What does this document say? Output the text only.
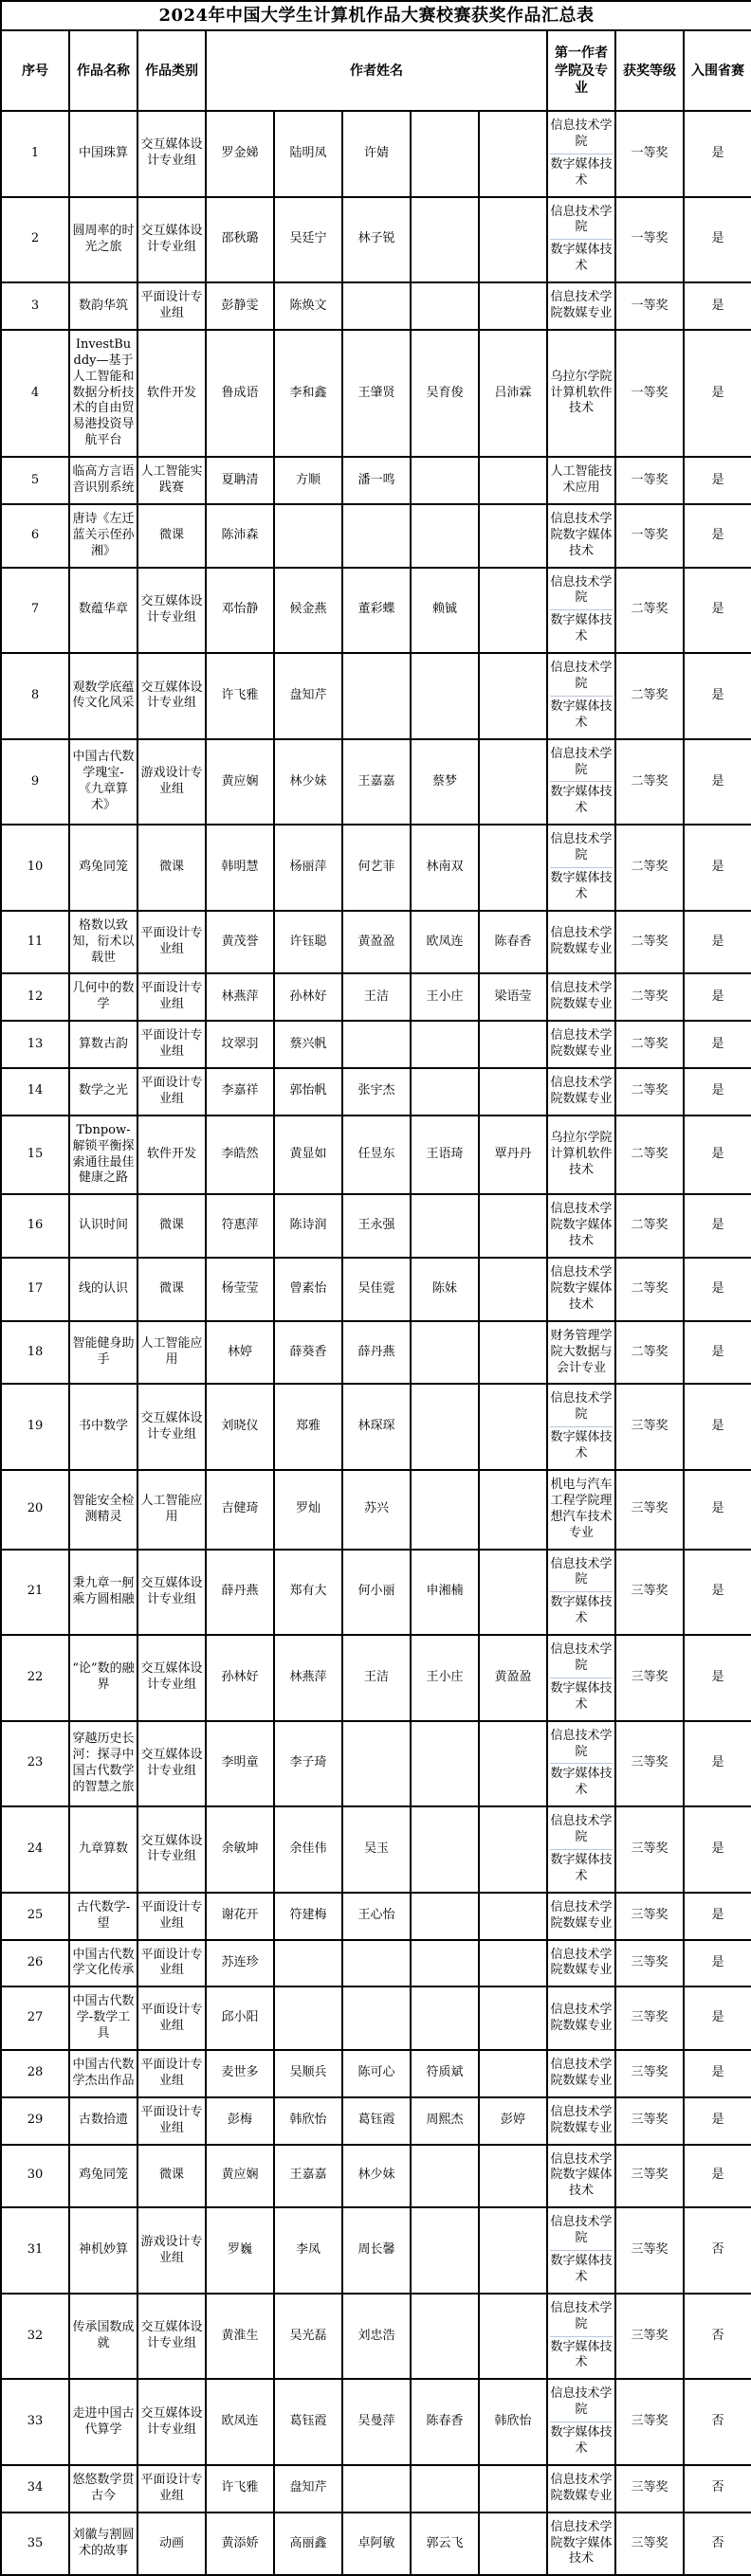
2024年中国大学生计算机作品大赛校赛获奖作品汇总表										
序号	作品名称	作品类别	作者姓名					第一作者学院及专业	获奖等级	入围省赛
1	中国珠算	交互媒体设计专业组	罗金娣	陆明凤	许婧			信息技术学院
数字媒体技术	一等奖	是
2	圆周率的时光之旅	交互媒体设计专业组	邵秋璐	吴廷宁	林子锐			信息技术学院
数字媒体技术	一等奖	是
3	数韵华筑	平面设计专业组	彭静雯	陈焕文				信息技术学院数媒专业	一等奖	是
4	InvestBuddy—基于人工智能和数据分析技术的自由贸易港投资导航平台	软件开发	鲁成语	李和鑫	王肇贤	吴育俊	吕沛霖	乌拉尔学院计算机软件技术	一等奖	是
5	临高方言语音识别系统	人工智能实践赛	夏聃清	方顺	潘一鸣			人工智能技术应用	一等奖	是
6	唐诗《左迁蓝关示侄孙湘》	微课	陈沛森					信息技术学院数字媒体技术	一等奖	是
7	数蕴华章	交互媒体设计专业组	邓怡静	候金燕	董彩蝶	赖铖		信息技术学院
数字媒体技术	二等奖	是
8	观数学底蕴传文化风采	交互媒体设计专业组	许飞雅	盘知芹				信息技术学院
数字媒体技术	二等奖	是
9	中国古代数学瑰宝-《九章算术》	游戏设计专业组	黄应娴	林少妹	王嘉嘉	蔡梦		信息技术学院
数字媒体技术	二等奖	是
10	鸡兔同笼	微课	韩明慧	杨丽萍	何艺菲	林南双		信息技术学院
数字媒体技术	二等奖	是
11	格数以致知，衍术以载世	平面设计专业组	黄茂誉	许钰聪	黄盈盈	欧凤连	陈春香	信息技术学院数媒专业	二等奖	是
12	几何中的数学	平面设计专业组	林燕萍	孙林好	王洁	王小庄	梁语莹	信息技术学院数媒专业	二等奖	是
13	算数古韵	平面设计专业组	坟翠羽	蔡兴帆				信息技术学院数媒专业	二等奖	是
14	数学之光	平面设计专业组	李嘉祥	郭怡帆	张宇杰			信息技术学院数媒专业	二等奖	是
15	Tbnpow-解锁平衡探索通往最佳健康之路	软件开发	李皓然	黄显如	任昱东	王语琦	覃丹丹	乌拉尔学院计算机软件技术	二等奖	是
16	认识时间	微课	符惠萍	陈诗润	王永强			信息技术学院数字媒体技术	二等奖	是
17	线的认识	微课	杨莹莹	曾素怡	吴佳霓	陈妹		信息技术学院数字媒体技术	二等奖	是
18	智能健身助手	人工智能应用	林婷	薛葵香	薛丹燕			财务管理学院大数据与会计专业	二等奖	是
19	书中数学	交互媒体设计专业组	刘晓仪	郑雅	林琛琛			信息技术学院
数字媒体技术	三等奖	是
20	智能安全检测精灵	人工智能应用	吉健琦	罗灿	苏兴			机电与汽车工程学院理想汽车技术专业	三等奖	是
21	秉九章一舸 乘方圆相融	交互媒体设计专业组	薛丹燕	郑有大	何小丽	申湘楠		信息技术学院
数字媒体技术	三等奖	是
22	“论”数的融界	交互媒体设计专业组	孙林好	林燕萍	王洁	王小庄	黄盈盈	信息技术学院
数字媒体技术	三等奖	是
23	穿越历史长河：探寻中国古代数学的智慧之旅	交互媒体设计专业组	李明童	李子琦				信息技术学院
数字媒体技术	三等奖	是
24	九章算数	交互媒体设计专业组	余敏坤	余佳伟	吴玉			信息技术学院
数字媒体技术	三等奖	是
25	古代数学-望	平面设计专业组	谢花开	符建梅	王心怡			信息技术学院数媒专业	三等奖	是
26	中国古代数学文化传承	平面设计专业组	苏连珍					信息技术学院数媒专业	三等奖	是
27	中国古代数学-数学工具	平面设计专业组	邱小阳					信息技术学院数媒专业	三等奖	是
28	中国古代数学杰出作品	平面设计专业组	麦世多	吴顺兵	陈可心	符质斌		信息技术学院数媒专业	三等奖	是
29	古数拾遗	平面设计专业组	彭梅	韩欣怡	葛钰霞	周熙杰	彭婷	信息技术学院数媒专业	三等奖	是
30	鸡兔同笼	微课	黄应娴	王嘉嘉	林少妹			信息技术学院数字媒体技术	三等奖	是
31	神机妙算	游戏设计专业组	罗巍	李凤	周长馨			信息技术学院
数字媒体技术	三等奖	否
32	传承国数成就	交互媒体设计专业组	黄淮生	吴光磊	刘忠浩			信息技术学院
数字媒体技术	三等奖	否
33	走进中国古代算学	交互媒体设计专业组	欧凤连	葛钰霞	吴曼萍	陈春香	韩欣怡	信息技术学院
数字媒体技术	三等奖	否
34	悠悠数学贯古今	平面设计专业组	许飞雅	盘知芹				信息技术学院数媒专业	三等奖	否
35	刘徽与割圆术的故事	动画	黄添娇	高丽鑫	卓阿敏	郭云飞		信息技术学院数字媒体技术	三等奖	否
